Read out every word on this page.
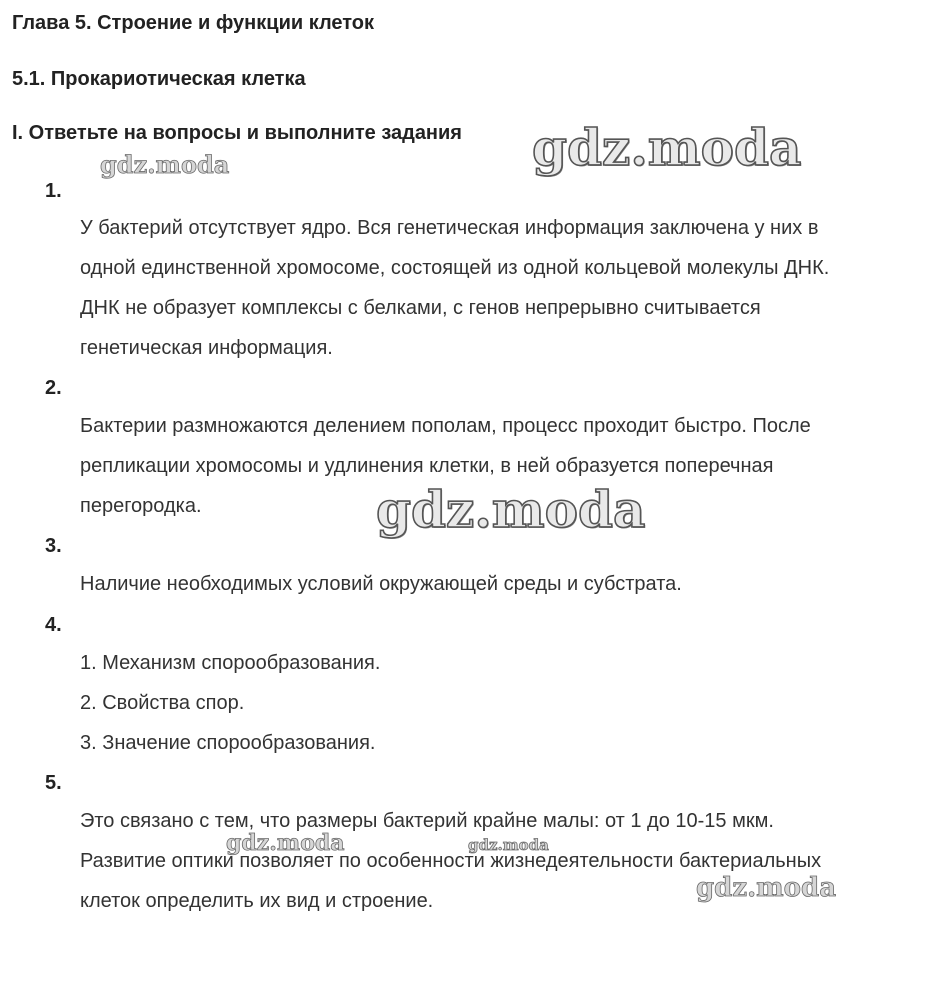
Глава 5. Строение и функции клеток
5.1. Прокариотическая клетка
I. Ответьте на вопросы и выполните задания
1.

У бактерий отсутствует ядро. Вся генетическая информация заключена у них в

одной единственной хромосоме, состоящей из одной кольцевой молекулы ДНК.

ДНК не образует комплексы с белками, с генов непрерывно считывается

генетическая информация.

2.

Бактерии размножаются делением пополам, процесс проходит быстро. После

репликации хромосомы и удлинения клетки, в ней образуется поперечная

перегородка.

3.

Наличие необходимых условий окружающей среды и субстрата.

4.

1. Механизм спорообразования.

2. Свойства спор.

3. Значение спорообразования.

5.

Это связано с тем, что размеры бактерий крайне малы: от 1 до 10-15 мкм.

Развитие оптики позволяет по особенности жизнедеятельности бактериальных

клеток определить их вид и строение.

gdz.moda
gdz.moda
gdz.moda
gdz.moda	gdz.moda
gdz.moda
